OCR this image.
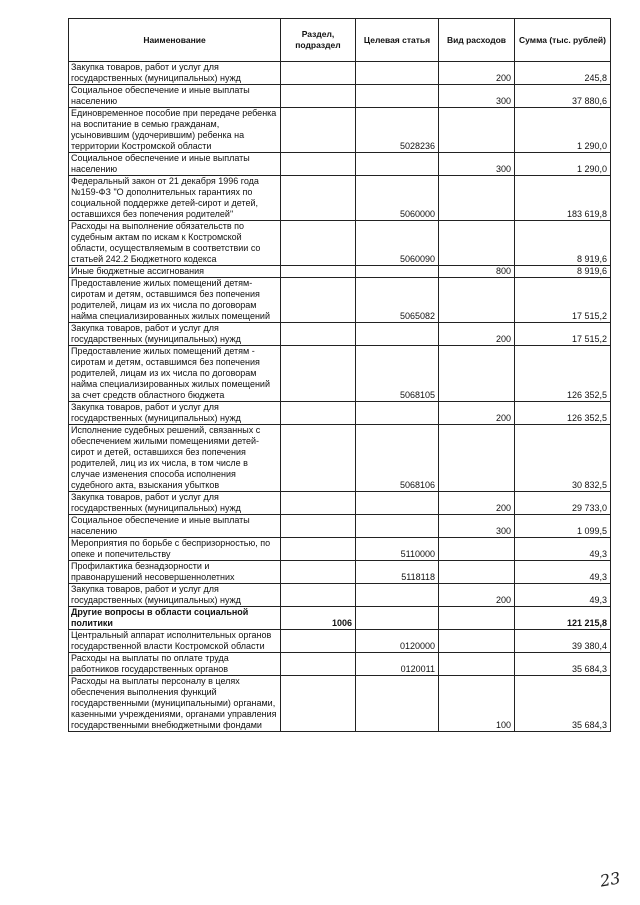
Наименование	Раздел, подраздел	Целевая статья	Вид расходов	Сумма (тыс. рублей)
Закупка товаров, работ и услуг для государственных (муниципальных) нужд			200	245,8
Социальное обеспечение и иные выплаты населению			300	37 880,6
Единовременное пособие при передаче ребенка на воспитание в семью гражданам, усыновившим (удочерившим) ребенка на территории Костромской области		5028236		1 290,0
Социальное обеспечение и иные выплаты населению			300	1 290,0
Федеральный закон от 21 декабря 1996 года №159-ФЗ "О дополнительных гарантиях по социальной поддержке детей-сирот и детей, оставшихся без попечения родителей"		5060000		183 619,8
Расходы на выполнение обязательств по судебным актам по искам к Костромской области, осуществляемым в соответствии со статьей 242.2 Бюджетного кодекса		5060090		8 919,6
Иные бюджетные ассигнования			800	8 919,6
Предоставление жилых помещений детям-сиротам и детям, оставшимся без попечения родителей, лицам из их числа по договорам найма специализированных жилых помещений		5065082		17 515,2
Закупка товаров, работ и услуг для государственных (муниципальных) нужд			200	17 515,2
Предоставление жилых помещений детям - сиротам и детям, оставшимся без попечения родителей, лицам из их числа по договорам найма специализированных жилых помещений за счет средств областного бюджета		5068105		126 352,5
Закупка товаров, работ и услуг для государственных (муниципальных) нужд			200	126 352,5
Исполнение судебных решений, связанных с обеспечением жилыми помещениями детей-сирот и детей, оставшихся без попечения родителей, лиц из их числа, в том числе в случае изменения способа исполнения судебного акта, взыскания убытков		5068106		30 832,5
Закупка товаров, работ и услуг для государственных (муниципальных) нужд			200	29 733,0
Социальное обеспечение и иные выплаты населению			300	1 099,5
Мероприятия по борьбе с беспризорностью, по опеке и попечительству		5110000		49,3
Профилактика безнадзорности и правонарушений несовершеннолетних		5118118		49,3
Закупка товаров, работ и услуг для государственных (муниципальных) нужд			200	49,3
Другие вопросы в области социальной политики	1006			121 215,8
Центральный аппарат исполнительных органов государственной власти Костромской области		0120000		39 380,4
Расходы на выплаты по оплате труда работников государственных органов		0120011		35 684,3
Расходы на выплаты персоналу в целях обеспечения выполнения функций государственными (муниципальными) органами, казенными учреждениями, органами управления государственными внебюджетными фондами			100	35 684,3
23
